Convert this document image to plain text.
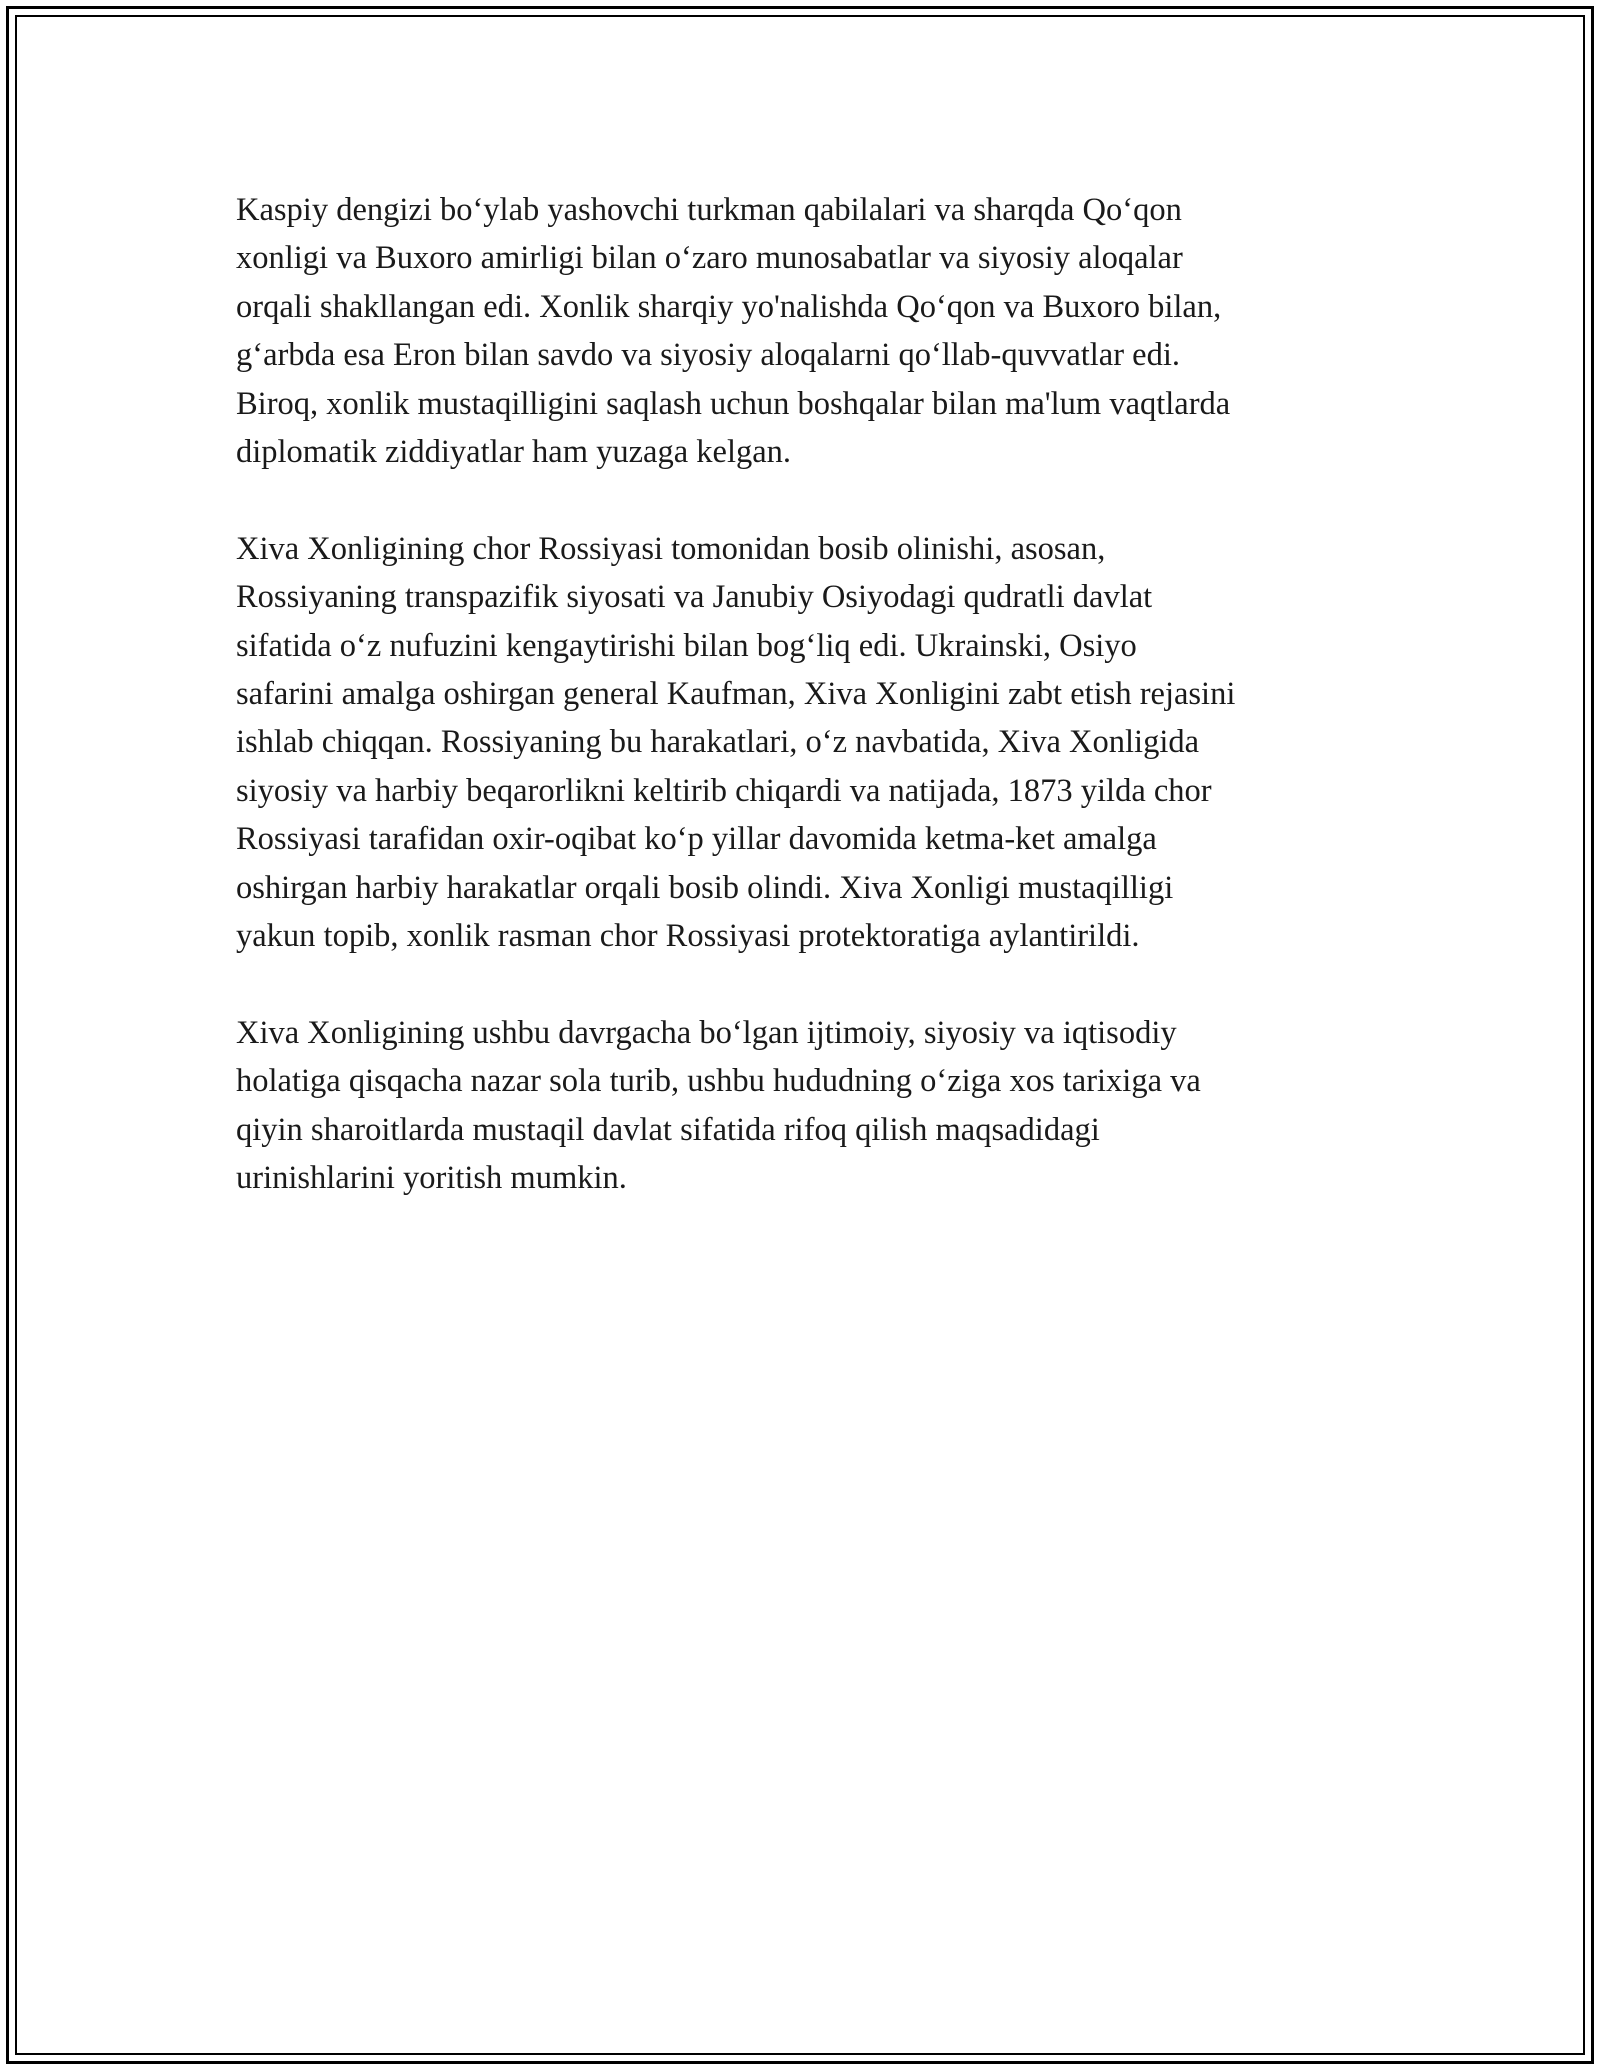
Kaspiy dengizi bo‘ylab yashovchi turkman qabilalari va sharqda Qo‘qon
xonligi va Buxoro amirligi bilan o‘zaro munosabatlar va siyosiy aloqalar
orqali shakllangan edi. Xonlik sharqiy yo'nalishda Qo‘qon va Buxoro bilan,
g‘arbda esa Eron bilan savdo va siyosiy aloqalarni qo‘llab-quvvatlar edi.
Biroq, xonlik mustaqilligini saqlash uchun boshqalar bilan ma'lum vaqtlarda
diplomatik ziddiyatlar ham yuzaga kelgan.

Xiva Xonligining chor Rossiyasi tomonidan bosib olinishi, asosan,
Rossiyaning transpazifik siyosati va Janubiy Osiyodagi qudratli davlat
sifatida o‘z nufuzini kengaytirishi bilan bog‘liq edi. Ukrainski, Osiyo
safarini amalga oshirgan general Kaufman, Xiva Xonligini zabt etish rejasini
ishlab chiqqan. Rossiyaning bu harakatlari, o‘z navbatida, Xiva Xonligida
siyosiy va harbiy beqarorlikni keltirib chiqardi va natijada, 1873 yilda chor
Rossiyasi tarafidan oxir-oqibat ko‘p yillar davomida ketma-ket amalga
oshirgan harbiy harakatlar orqali bosib olindi. Xiva Xonligi mustaqilligi
yakun topib, xonlik rasman chor Rossiyasi protektoratiga aylantirildi.

Xiva Xonligining ushbu davrgacha bo‘lgan ijtimoiy, siyosiy va iqtisodiy
holatiga qisqacha nazar sola turib, ushbu hududning o‘ziga xos tarixiga va
qiyin sharoitlarda mustaqil davlat sifatida rifoq qilish maqsadidagi
urinishlarini yoritish mumkin.
